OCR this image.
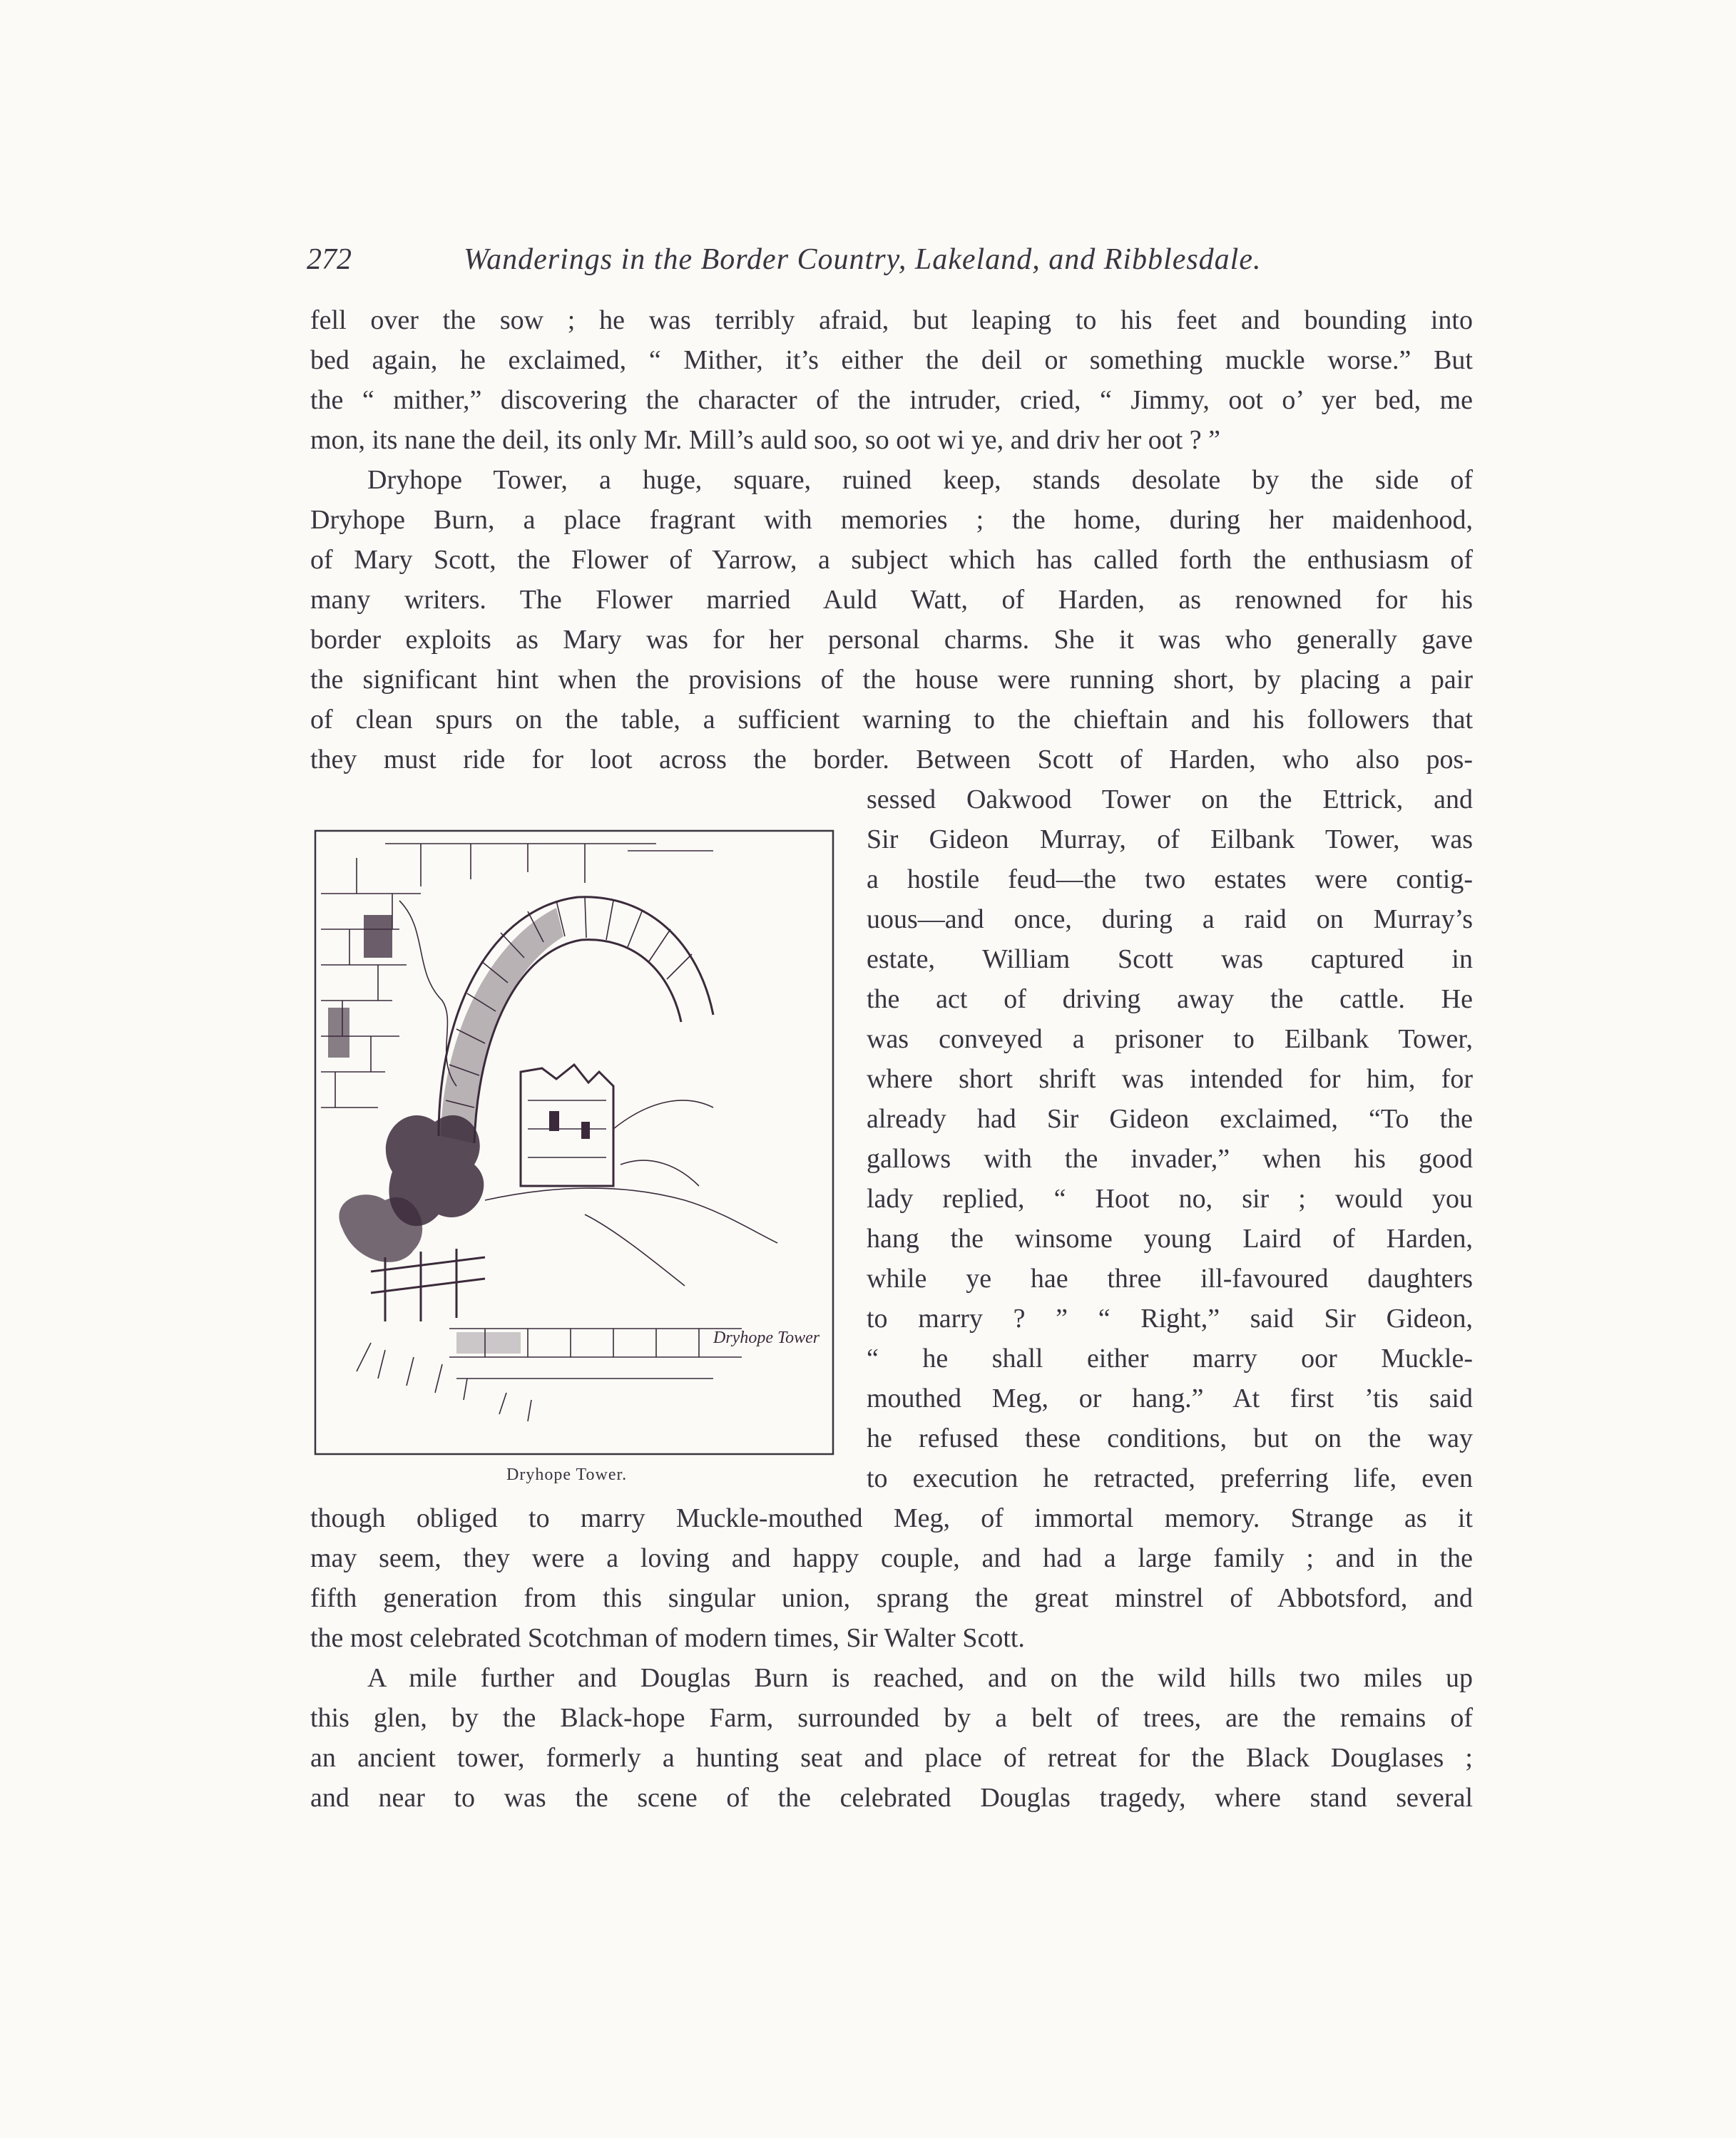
272	Wanderings in the Border Country, Lakeland, and Ribblesdale.
fell over the sow ; he was terribly afraid, but leaping to his feet and bounding into
bed again, he exclaimed, “ Mither, it’s either the deil or something muckle worse.” But
the “ mither,” discovering the character of the intruder, cried, “ Jimmy, oot o’ yer bed, me
mon, its nane the deil, its only Mr. Mill’s auld soo, so oot wi ye, and driv her oot ? ”
Dryhope Tower, a huge, square, ruined keep, stands desolate by the side of
Dryhope Burn, a place fragrant with memories ; the home, during her maidenhood,
of Mary Scott, the Flower of Yarrow, a subject which has called forth the enthusiasm of
many writers. The Flower married Auld Watt, of Harden, as renowned for his
border exploits as Mary was for her personal charms. She it was who generally gave
the significant hint when the provisions of the house were running short, by placing a pair
of clean spurs on the table, a sufficient warning to the chieftain and his followers that
they must ride for loot across the border. Between Scott of Harden, who also pos-
sessed Oakwood Tower on the Ettrick, and
Sir Gideon Murray, of Eilbank Tower, was
a hostile feud—the two estates were contig-
uous—and once, during a raid on Murray’s
estate, William Scott was captured in
the act of driving away the cattle. He
was conveyed a prisoner to Eilbank Tower,
where short shrift was intended for him, for
already had Sir Gideon exclaimed, “To the
gallows with the invader,” when his good
lady replied, “ Hoot no, sir ; would you
hang the winsome young Laird of Harden,
while ye hae three ill-favoured daughters
to marry ? ” “ Right,” said Sir Gideon,
“ he shall either marry oor Muckle-
mouthed Meg, or hang.” At first ’tis said
he refused these conditions, but on the way
to execution he retracted, preferring life, even
though obliged to marry Muckle-mouthed Meg, of immortal memory. Strange as it
may seem, they were a loving and happy couple, and had a large family ; and in the
fifth generation from this singular union, sprang the great minstrel of Abbotsford, and
the most celebrated Scotchman of modern times, Sir Walter Scott.
A mile further and Douglas Burn is reached, and on the wild hills two miles up
this glen, by the Black-hope Farm, surrounded by a belt of trees, are the remains of
an ancient tower, formerly a hunting seat and place of retreat for the Black Douglases ;
and near to was the scene of the celebrated Douglas tragedy, where stand several
Dryhope Tower
Dryhope Tower.
